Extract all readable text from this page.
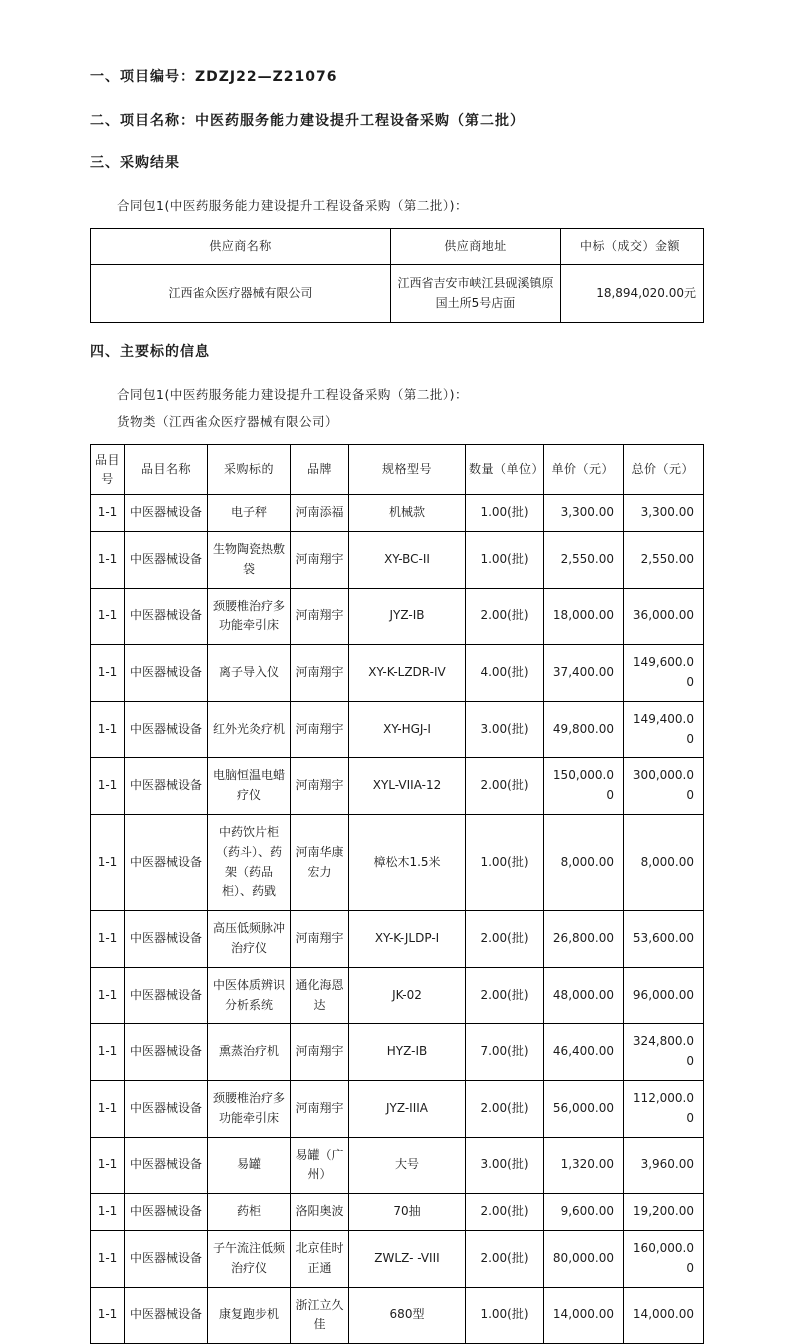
一、项目编号：ZDZJ22—Z21076
二、项目名称：中医药服务能力建设提升工程设备采购（第二批）
三、采购结果
合同包1(中医药服务能力建设提升工程设备采购（第二批）)：
供应商名称	供应商地址	中标（成交）金额
江西雀众医疗器械有限公司	江西省吉安市峡江县砚溪镇原国土所5号店面	18,894,020.00元
四、主要标的信息
合同包1(中医药服务能力建设提升工程设备采购（第二批）)：
货物类（江西雀众医疗器械有限公司）
品目号	品目名称	采购标的	品牌	规格型号	数量（单位）	单价（元）	总价（元）
1-1	中医器械设备	电子秤	河南添福	机械款	1.00(批)	3,300.00	3,300.00
1-1	中医器械设备	生物陶瓷热敷袋	河南翔宇	XY-BC-II	1.00(批)	2,550.00	2,550.00
1-1	中医器械设备	颈腰椎治疗多功能牵引床	河南翔宇	JYZ-IB	2.00(批)	18,000.00	36,000.00
1-1	中医器械设备	离子导入仪	河南翔宇	XY-K-LZDR-IV	4.00(批)	37,400.00	149,600.00
1-1	中医器械设备	红外光灸疗机	河南翔宇	XY-HGJ-I	3.00(批)	49,800.00	149,400.00
1-1	中医器械设备	电脑恒温电蜡疗仪	河南翔宇	XYL-VIIA-12	2.00(批)	150,000.00	300,000.00
1-1	中医器械设备	中药饮片柜（药斗）、药架（药品柜）、药戥	河南华康宏力	樟松木1.5米	1.00(批)	8,000.00	8,000.00
1-1	中医器械设备	高压低频脉冲治疗仪	河南翔宇	XY-K-JLDP-I	2.00(批)	26,800.00	53,600.00
1-1	中医器械设备	中医体质辨识分析系统	通化海恩达	JK-02	2.00(批)	48,000.00	96,000.00
1-1	中医器械设备	熏蒸治疗机	河南翔宇	HYZ-IB	7.00(批)	46,400.00	324,800.00
1-1	中医器械设备	颈腰椎治疗多功能牵引床	河南翔宇	JYZ-IIIA	2.00(批)	56,000.00	112,000.00
1-1	中医器械设备	易罐	易罐（广州）	大号	3.00(批)	1,320.00	3,960.00
1-1	中医器械设备	药柜	洛阳奥波	70抽	2.00(批)	9,600.00	19,200.00
1-1	中医器械设备	子午流注低频治疗仪	北京佳时正通	ZWLZ- -VIII	2.00(批)	80,000.00	160,000.00
1-1	中医器械设备	康复跑步机	浙江立久佳	680型	1.00(批)	14,000.00	14,000.00
